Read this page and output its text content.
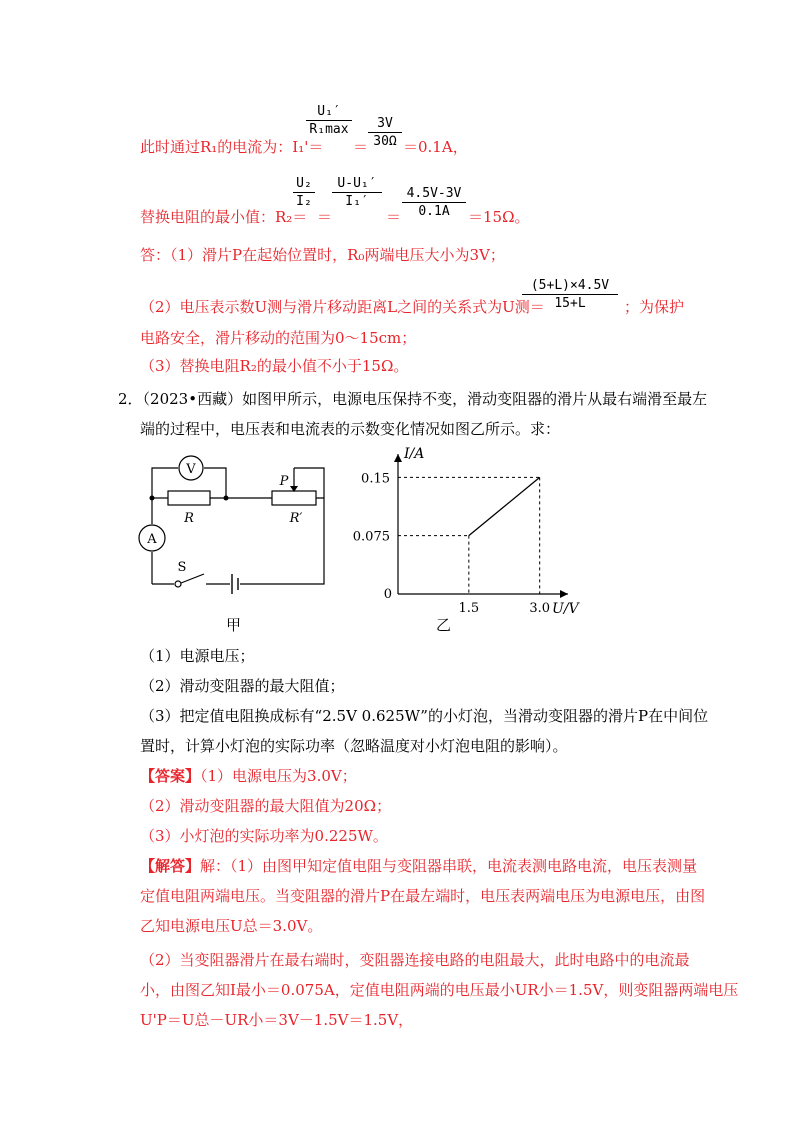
此时通过R₁的电流为：I₁'＝
U₁′
R₁max
＝
3V
30Ω ＝0.1A，
替换电阻的最小值：R₂＝
U₂
I₂
＝
U-U₁′
I₁′
＝
4.5V-3V
0.1A	＝15Ω。
答：（1）滑片P在起始位置时，R₀两端电压大小为3V；
（2）电压表示数U测与滑片移动距离L之间的关系式为U测＝
(5+L)×4.5V
15+L	；为保护
电路安全，滑片移动的范围为0～15cm；
（3）替换电阻R₂的最小值不小于15Ω。
2．（2023•西藏）如图甲所示，电源电压保持不变，滑动变阻器的滑片从最右端滑至最左
端的过程中，电压表和电流表的示数变化情况如图乙所示。求：
V
R
P
R′
A
S
甲
I/A
U/V
0
0.075
0.15
1.5	3.0
乙
（1）电源电压；
（2）滑动变阻器的最大阻值；
（3）把定值电阻换成标有“2.5V 0.625W”的小灯泡，当滑动变阻器的滑片P在中间位
置时，计算小灯泡的实际功率（忽略温度对小灯泡电阻的影响）。
【答案】（1）电源电压为3.0V；
（2）滑动变阻器的最大阻值为20Ω；
（3）小灯泡的实际功率为0.225W。
【解答】解：（1）由图甲知定值电阻与变阻器串联，电流表测电路电流，电压表测量
定值电阻两端电压。当变阻器的滑片P在最左端时，电压表两端电压为电源电压，由图
乙知电源电压U总＝3.0V。
（2）当变阻器滑片在最右端时，变阻器连接电路的电阻最大，此时电路中的电流最
小，由图乙知I最小＝0.075A，定值电阻两端的电压最小UR小＝1.5V，则变阻器两端电压
U'P＝U总－UR小＝3V－1.5V＝1.5V，
